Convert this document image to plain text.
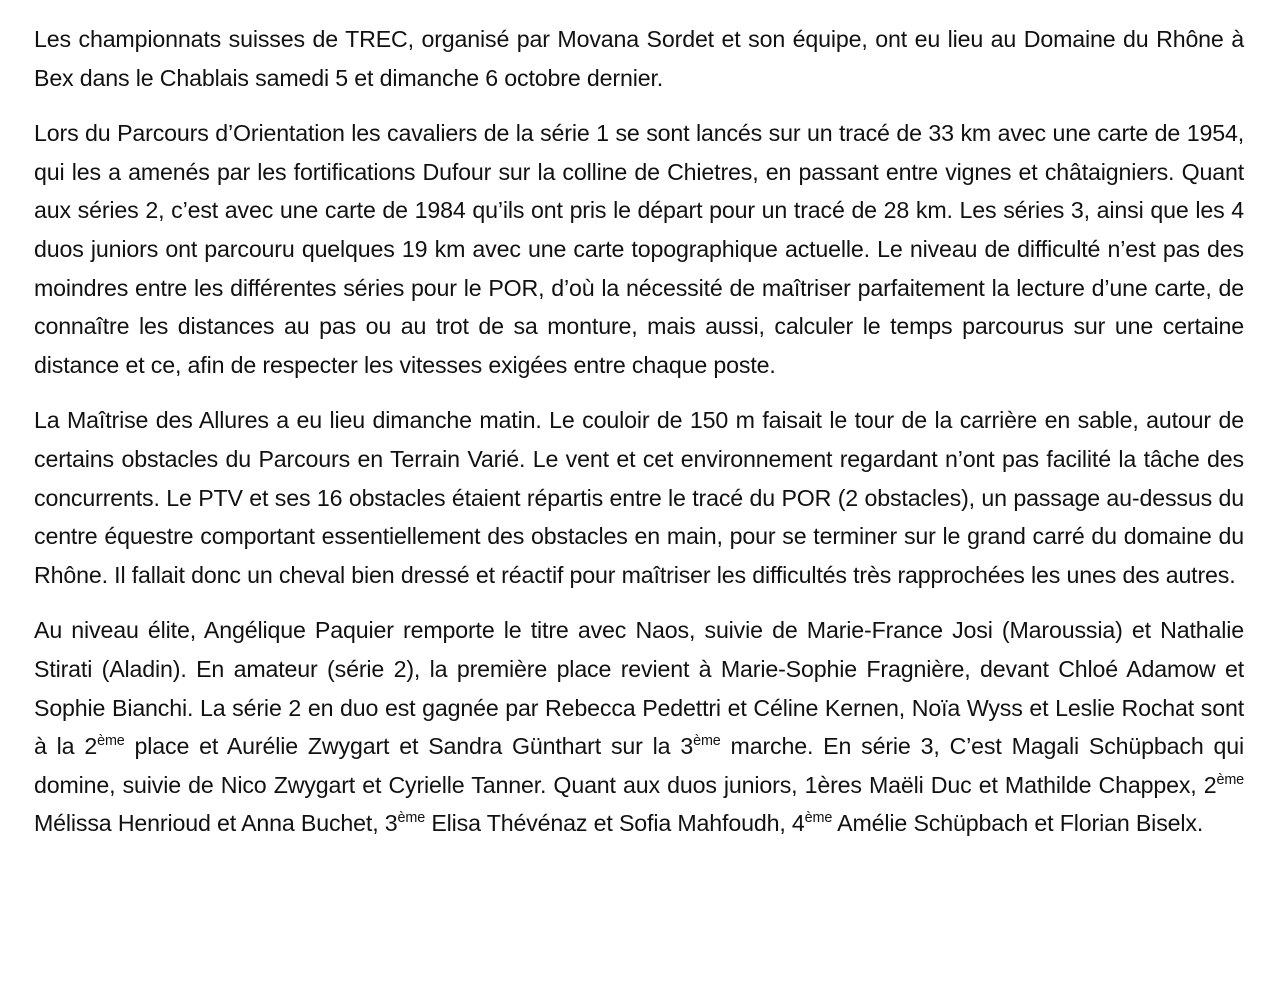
Les championnats suisses de TREC, organisé par Movana Sordet et son équipe, ont eu lieu au Domaine du Rhône à Bex dans le Chablais samedi 5 et dimanche 6 octobre dernier.

Lors du Parcours d’Orientation les cavaliers de la série 1 se sont lancés sur un tracé de 33 km avec une carte de 1954, qui les a amenés par les fortifications Dufour sur la colline de Chietres, en passant entre vignes et châtaigniers. Quant aux séries 2, c’est avec une carte de 1984 qu’ils ont pris le départ pour un tracé de 28 km. Les séries 3, ainsi que les 4 duos juniors ont parcouru quelques 19 km avec une carte topographique actuelle. Le niveau de difficulté n’est pas des moindres entre les différentes séries pour le POR, d’où la nécessité de maîtriser parfaitement la lecture d’une carte, de connaître les distances au pas ou au trot de sa monture, mais aussi, calculer le temps parcourus sur une certaine distance et ce, afin de respecter les vitesses exigées entre chaque poste.

La Maîtrise des Allures a eu lieu dimanche matin. Le couloir de 150 m faisait le tour de la carrière en sable, autour de certains obstacles du Parcours en Terrain Varié. Le vent et cet environnement regardant n’ont pas facilité la tâche des concurrents. Le PTV et ses 16 obstacles étaient répartis entre le tracé du POR (2 obstacles), un passage au-dessus du centre équestre comportant essentiellement des obstacles en main, pour se terminer sur le grand carré du domaine du Rhône. Il fallait donc un cheval bien dressé et réactif pour maîtriser les difficultés très rapprochées les unes des autres.

Au niveau élite, Angélique Paquier remporte le titre avec Naos, suivie de Marie-France Josi (Maroussia) et Nathalie Stirati (Aladin). En amateur (série 2), la première place revient à Marie-Sophie Fragnière, devant Chloé Adamow et Sophie Bianchi. La série 2 en duo est gagnée par Rebecca Pedettri et Céline Kernen, Noïa Wyss et Leslie Rochat sont à la 2ème place et Aurélie Zwygart et Sandra Günthart sur la 3ème marche. En série 3, C’est Magali Schüpbach qui domine, suivie de Nico Zwygart et Cyrielle Tanner. Quant aux duos juniors, 1ères Maëli Duc et Mathilde Chappex, 2ème Mélissa Henrioud et Anna Buchet, 3ème Elisa Thévénaz et Sofia Mahfoudh, 4ème Amélie Schüpbach et Florian Biselx.
